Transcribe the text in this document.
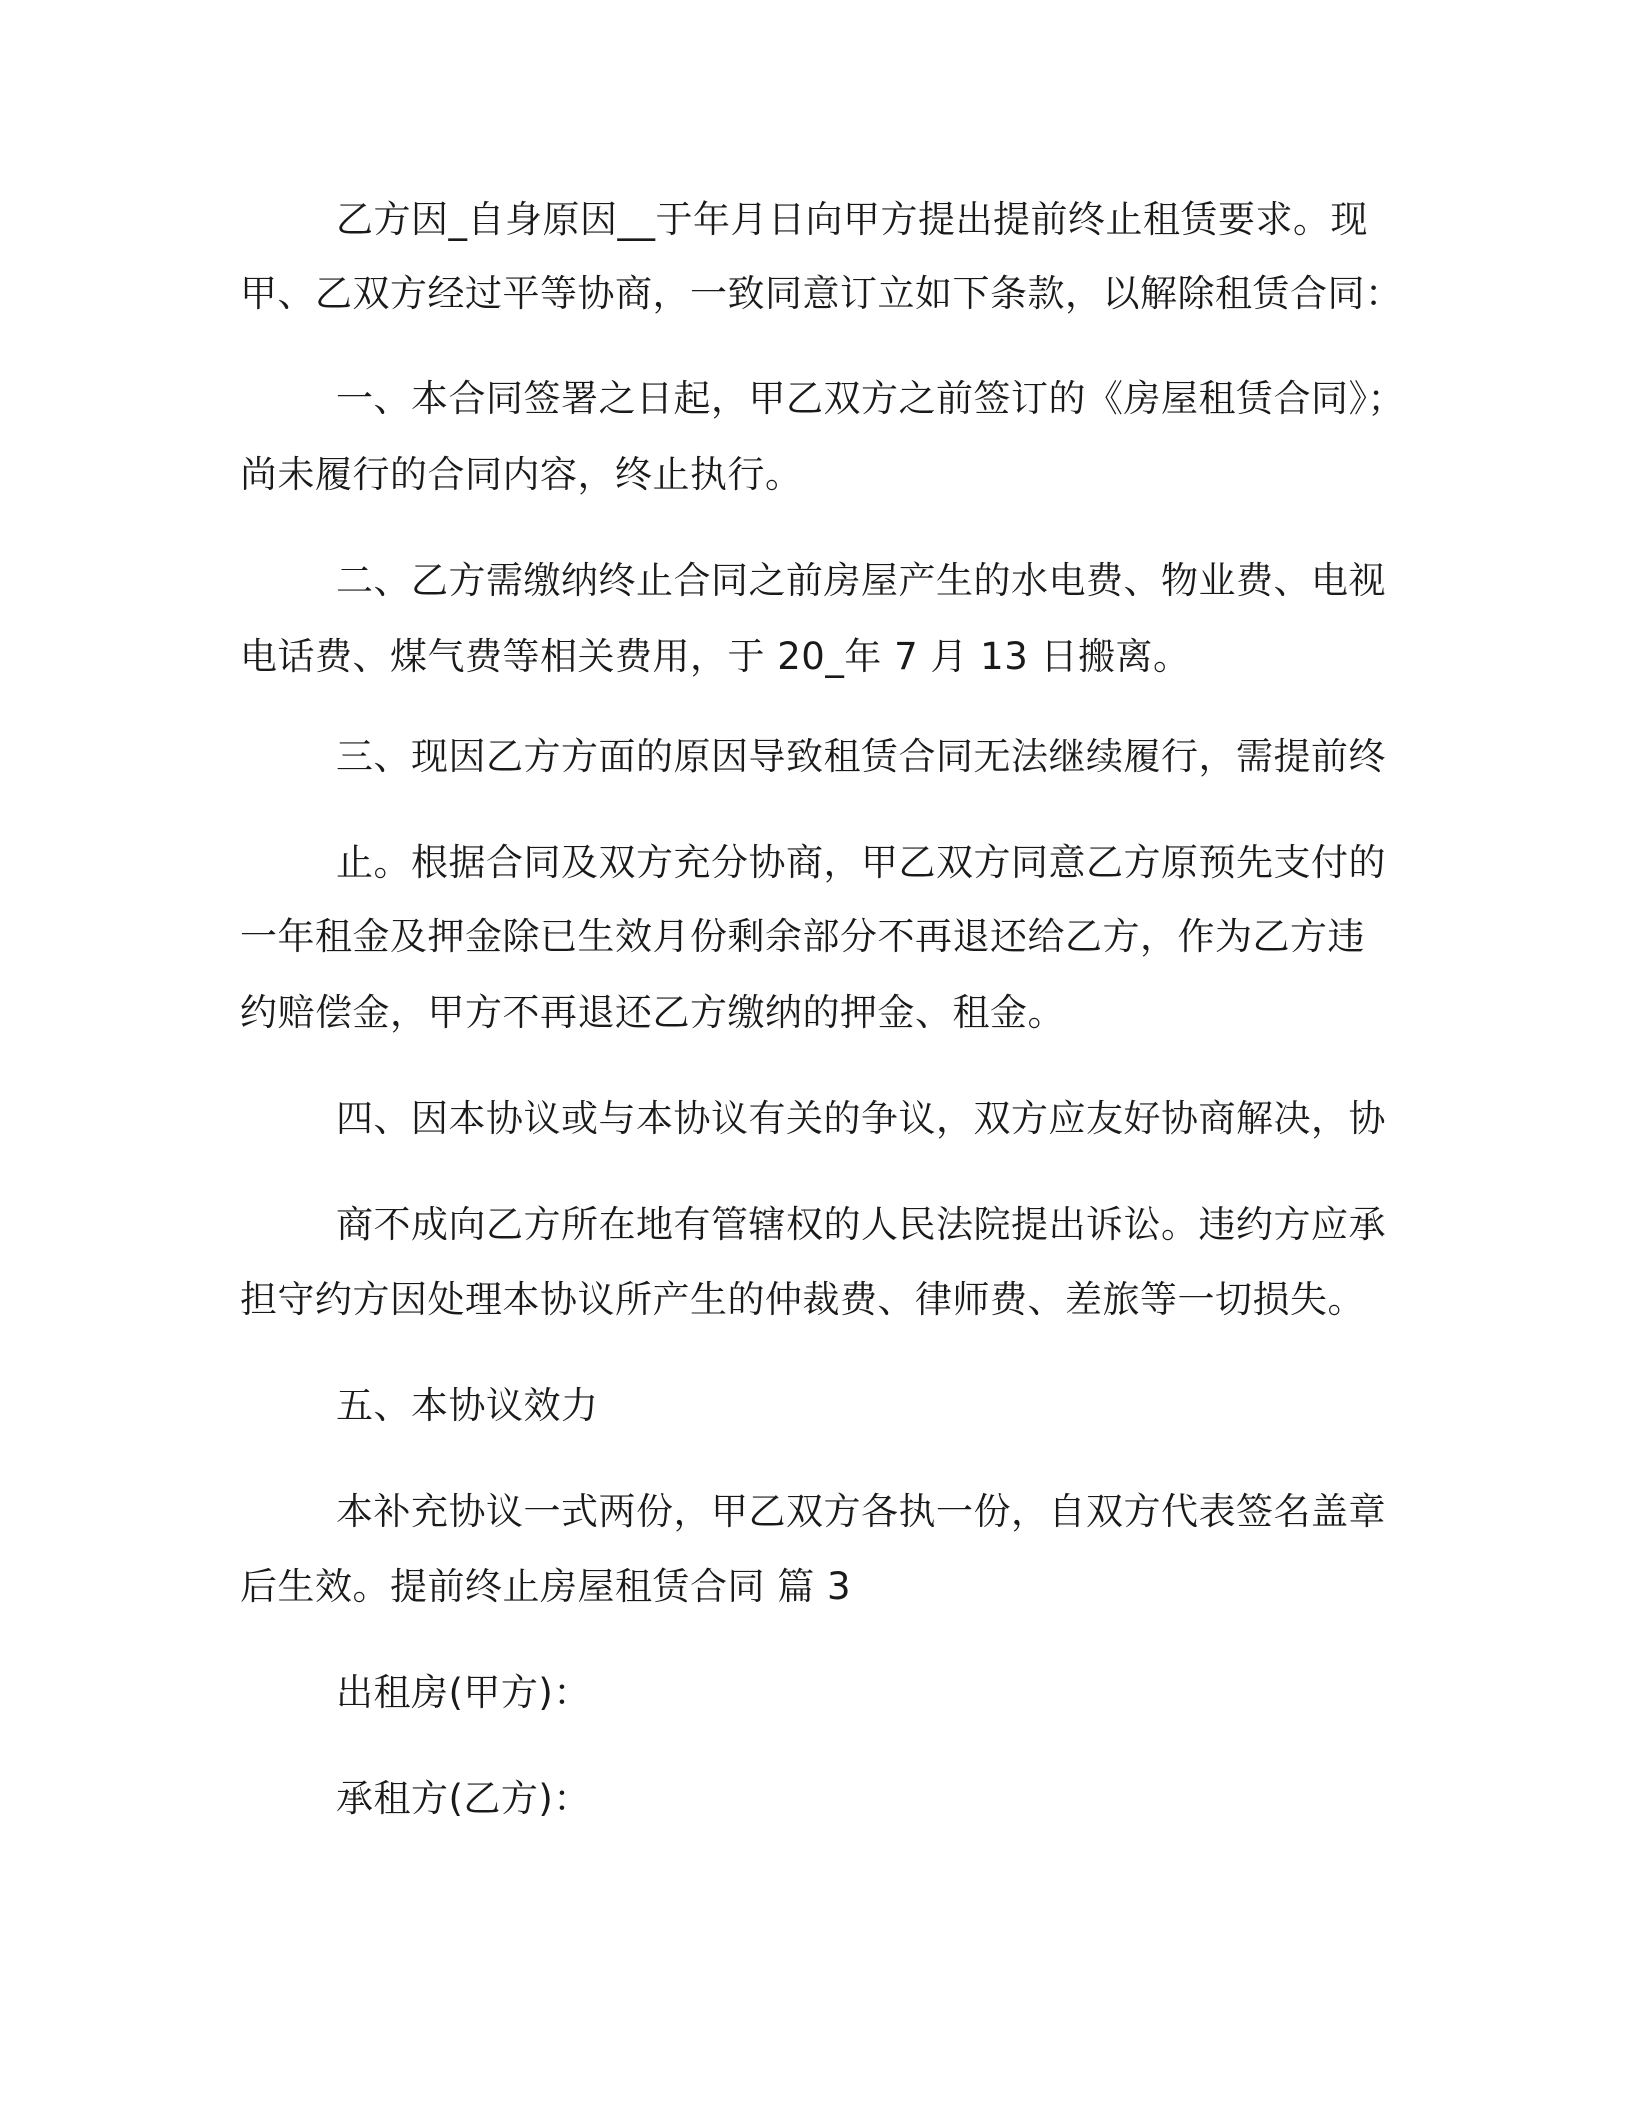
乙方因_自身原因__于年月日向甲方提出提前终止租赁要求。现
甲、乙双方经过平等协商，一致同意订立如下条款，以解除租赁合同：
一、本合同签署之日起，甲乙双方之前签订的《房屋租赁合同》；
尚未履行的合同内容，终止执行。
二、乙方需缴纳终止合同之前房屋产生的水电费、物业费、电视
电话费、煤气费等相关费用，于 20_年 7 月 13 日搬离。
三、现因乙方方面的原因导致租赁合同无法继续履行，需提前终
止。根据合同及双方充分协商，甲乙双方同意乙方原预先支付的
一年租金及押金除已生效月份剩余部分不再退还给乙方，作为乙方违
约赔偿金，甲方不再退还乙方缴纳的押金、租金。
四、因本协议或与本协议有关的争议，双方应友好协商解决，协
商不成向乙方所在地有管辖权的人民法院提出诉讼。违约方应承
担守约方因处理本协议所产生的仲裁费、律师费、差旅等一切损失。
五、本协议效力
本补充协议一式两份，甲乙双方各执一份，自双方代表签名盖章
后生效。提前终止房屋租赁合同 篇 3
出租房(甲方)：
承租方(乙方)：
